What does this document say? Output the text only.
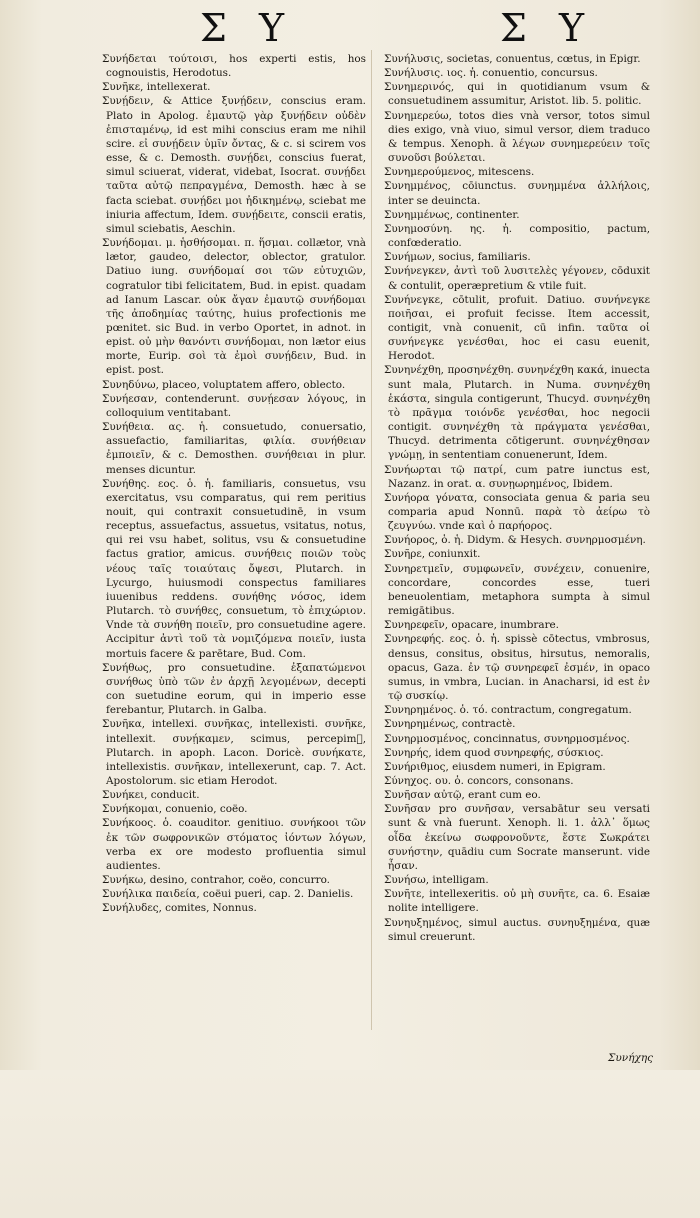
Σ Υ	Σ Υ

Συνήδεται τούτοισι, hos experti estis, hos cognouistis, Herodotus.

Συνῆκε, intellexerat.

Συνῄδειν, & Attice ξυνῄδειν, conscius eram. Plato in Apolog. ἐμαυτῷ γὰρ ξυνῄδειν οὐδὲν ἐπισταμένῳ, id est mihi conscius eram me nihil scire. εἰ συνῄδειν ὑμῖν ὄντας, & c. si scirem vos esse, & c. Demosth. συνῄδει, conscius fuerat, simul sciuerat, viderat, videbat, Isocrat. συνῄδει ταῦτα αὐτῷ πεπραγμένα, Demosth. hæc à se facta sciebat. συνῄδει μοι ἠδικημένῳ, sciebat me iniuria affectum, Idem. συνῄδειτε, conscii eratis, simul sciebatis, Aeschin.

Συνήδομαι. μ. ἡσθήσομαι. π. ἥσμαι. collætor, vnà lætor, gaudeo, delector, oblector, gratulor. Datiuo iung. συνήδομαί σοι τῶν εὐτυχιῶν, cogratulor tibi felicitatem, Bud. in epist. quadam ad Ianum Lascar. οὐκ ἄγαν ἐμαυτῷ συνήδομαι τῆς ἀποδημίας ταύτης, huius profectionis me pœnitet. sic Bud. in verbo Oportet, in adnot. in epist. οὐ μὴν θανόντι συνήδομαι, non lætor eius morte, Eurip. σοὶ τὰ ἐμοὶ συνῄδειν, Bud. in epist. post.

Συνηδύνω, placeo, voluptatem affero, oblecto.

Συνήεσαν, contenderunt. συνῄεσαν λόγους, in colloquium ventitabant.

Συνήθεια. ας. ἡ. consuetudo, conuersatio, assuefactio, familiaritas, φιλία. συνήθειαν ἐμποιεῖν, & c. Demosthen. συνήθειαι in plur. menses dicuntur.

Συνήθης. εος. ὁ. ἡ. familiaris, consuetus, vsu exercitatus, vsu comparatus, qui rem peritius nouit, qui contraxit consuetudinē, in vsum receptus, assuefactus, assuetus, vsitatus, notus, qui rei vsu habet, solitus, vsu & consuetudine factus gratior, amicus. συνήθεις ποιῶν τοὺς νέους ταῖς τοιαύταις ὄψεσι, Plutarch. in Lycurgo, huiusmodi conspectus familiares iuuenibus reddens. συνήθης νόσος, idem Plutarch. τὸ συνήθες, consuetum, τὸ ἐπιχώριον. Vnde τὰ συνήθη ποιεῖν, pro consuetudine agere. Accipitur ἀντὶ τοῦ τὰ νομιζόμενα ποιεῖν, iusta mortuis facere & parētare, Bud. Com.

Συνήθως, pro consuetudine. ἐξαπατώμενοι συνήθως ὑπὸ τῶν ἐν ἀρχῇ λεγομένων, decepti con suetudine eorum, qui in imperio esse ferebantur, Plutarch. in Galba.

Συνῆκα, intellexi. συνῆκας, intellexisti. συνῆκε, intellexit. συνῄκαμεν, scimus, percepim᷑, Plutarch. in apoph. Lacon. Doricè. συνήκατε, intellexistis. συνῆκαν, intellexerunt, cap. 7. Act. Apostolorum. sic etiam Herodot.

Συνήκει, conducit.

Συνήκομαι, conuenio, coëo.

Συνήκοος. ὁ. coauditor. genitiuo. συνήκοοι τῶν ἐκ τῶν σωφρονικῶν στόματος ἰόντων λόγων, verba ex ore modesto profluentia simul audientes.

Συνήκω, desino, contrahor, coëo, concurro.

Συνήλικα παιδεία, coëui pueri, cap. 2. Danielis.

Συνήλυδες, comites, Nonnus.

Συνήλυσις, societas, conuentus, cœtus, in Epigr.

Συνήλυσις. ιος. ἡ. conuentio, concursus.

Συνημερινός, qui in quotidianum vsum & consuetudinem assumitur, Aristot. lib. 5. politic.

Συνημερεύω, totos dies vnà versor, totos simul dies exigo, vnà viuo, simul versor, diem traduco & tempus. Xenoph. ἃ λέγων συνημερεύειν τοῖς συνοῦσι βούλεται.

Συνημερούμενος, mitescens.

Συνημμένος, cōiunctus. συνημμένα ἀλλήλοις, inter se deuincta.

Συνημμένως, continenter.

Συνημοσύνη. ης. ἡ. compositio, pactum, confœderatio.

Συνήμων, socius, familiaris.

Συνήνεγκεν, ἀντὶ τοῦ λυσιτελὲς γέγονεν, cōduxit & contulit, operæpretium & vtile fuit.

Συνήνεγκε, cōtulit, profuit. Datiuo. συνήνεγκε ποιῆσαι, ei profuit fecisse. Item accessit, contigit, vnà conuenit, cū infin. ταῦτα οἱ συνήνεγκε γενέσθαι, hoc ei casu euenit, Herodot.

Συνηνέχθη, προσηνέχθη. συνηνέχθη κακά, inuecta sunt mala, Plutarch. in Numa. συνηνέχθη ἑκάστα, singula contigerunt, Thucyd. συνηνέχθη τὸ πρᾶγμα τοιόνδε γενέσθαι, hoc negocii contigit. συνηνέχθη τὰ πράγματα γενέσθαι, Thucyd. detrimenta cōtigerunt. συνηνέχθησαν γνώμῃ, in sententiam conuenerunt, Idem.

Συνήωρται τῷ πατρί, cum patre iunctus est, Nazanz. in orat. α. συνῃωρημένος, Ibidem.

Συνήορα γόνατα, consociata genua & paria seu comparia apud Nonnū. παρὰ τὸ ἀείρω τὸ ζευγνύω. vnde καὶ ὁ παρήορος.

Συνήορος, ὁ. ἡ. Didym. & Hesych. συνηρμοσμένη.

Συνῆρε, coniunxit.

Συνηρετμεῖν, συμφωνεῖν, συνέχειν, conuenire, concordare, concordes esse, tueri beneuolentiam, metaphora sumpta à simul remigātibus.

Συνηρεφεῖν, opacare, inumbrare.

Συνηρεφής. εος. ὁ. ἡ. spissè cōtectus, vmbrosus, densus, consitus, obsitus, hirsutus, nemoralis, opacus, Gaza. ἐν τῷ συνηρεφεῖ ἐσμέν, in opaco sumus, in vmbra, Lucian. in Anacharsi, id est ἐν τῷ συσκίῳ.

Συνηρημένος. ὁ. τό. contractum, congregatum.

Συνηρημένως, contractè.

Συνηρμοσμένος, concinnatus, συνηρμοσμένος.

Συνηρής, idem quod συνηρεφής, σύσκιος.

Συνήριθμος, eiusdem numeri, in Epigram.

Σύνηχος. ου. ὁ. concors, consonans.

Συνῆσαν αὐτῷ, erant cum eo.

Συνῆσαν pro συνῆσαν, versabātur seu versati sunt & vnà fuerunt. Xenoph. li. 1. ἀλλ᾽ ὅμως οἶδα ἐκείνω σωφρονοῦντε, ἔστε Σωκράτει συνήστην, quādiu cum Socrate manserunt. vide ἦσαν.

Συνήσω, intelligam.

Συνῆτε, intellexeritis. οὐ μὴ συνῆτε, ca. 6. Esaiæ nolite intelligere.

Συνηυξημένος, simul auctus. συνηυξημένα, quæ simul creuerunt.

Συνήχης
